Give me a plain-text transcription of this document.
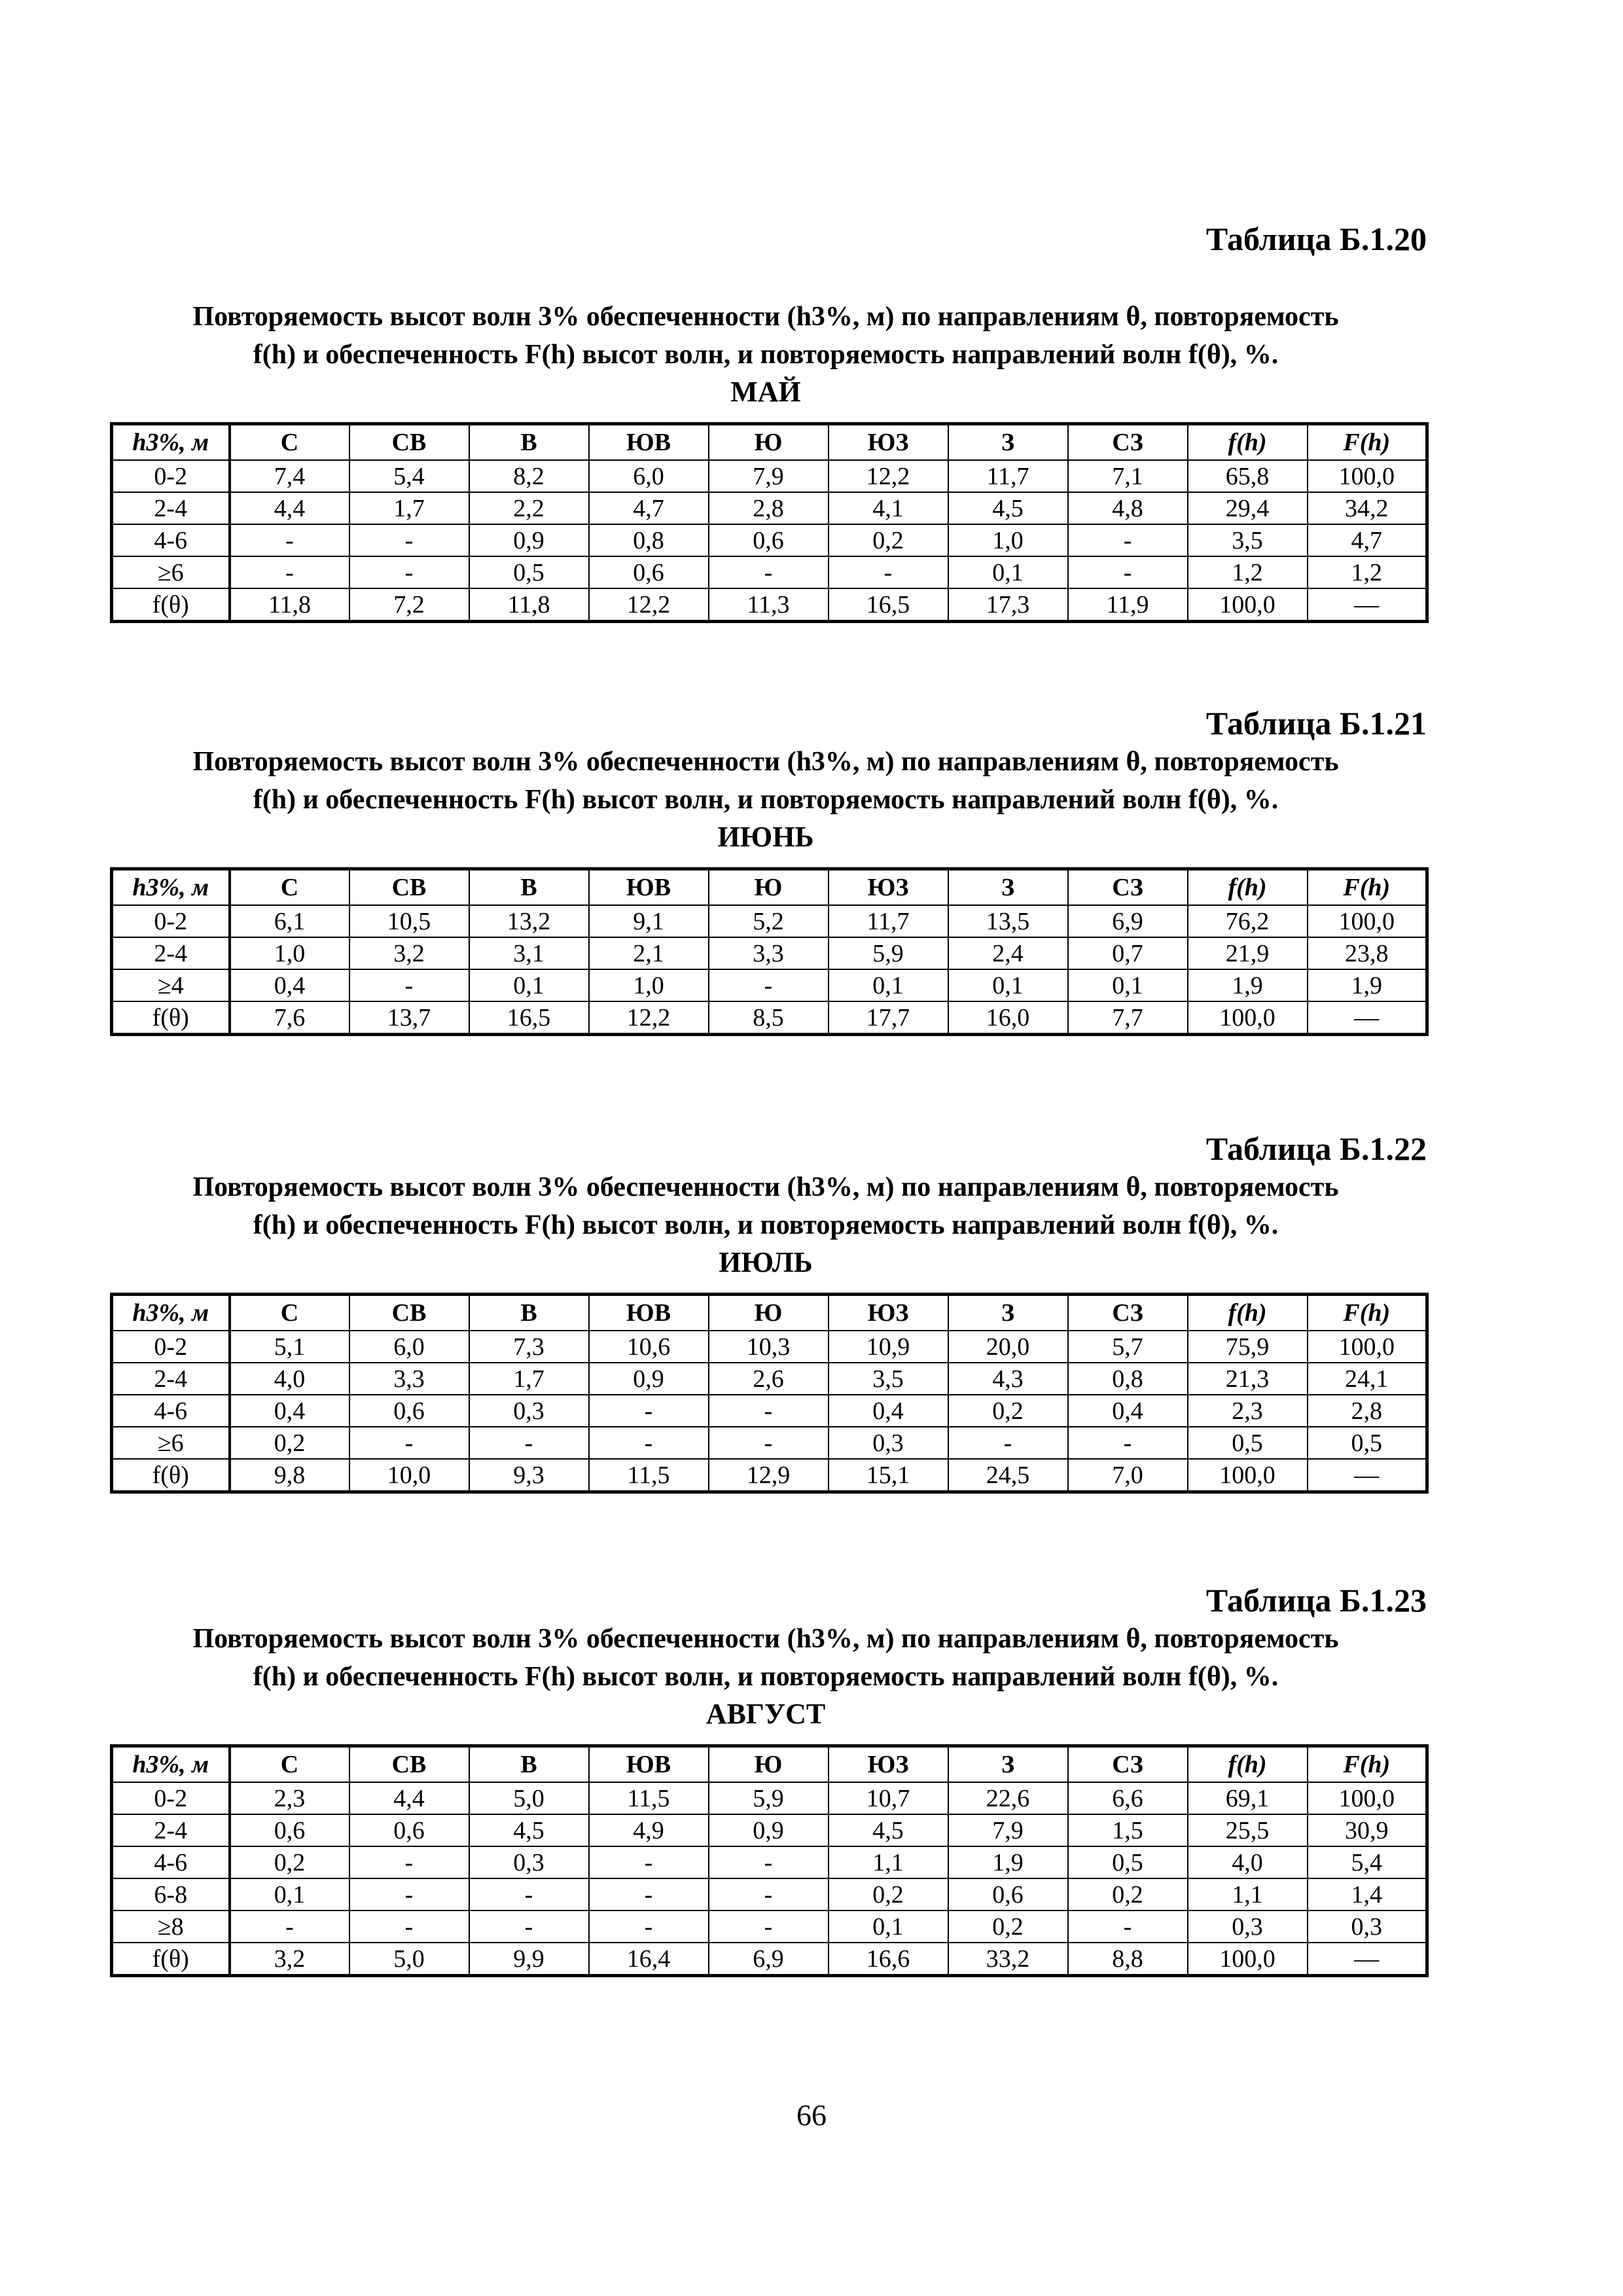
Таблица Б.1.20
Повторяемость высот волн 3% обеспеченности (h3%, м) по направлениям θ, повторяемость
f(h) и обеспеченность F(h) высот волн, и повторяемость направлений волн f(θ), %.
МАЙ
h3%, м	С	СВ	В	ЮВ	Ю	ЮЗ	З	СЗ	f(h)	F(h)
0-2	7,4	5,4	8,2	6,0	7,9	12,2	11,7	7,1	65,8	100,0
2-4	4,4	1,7	2,2	4,7	2,8	4,1	4,5	4,8	29,4	34,2
4-6	-	-	0,9	0,8	0,6	0,2	1,0	-	3,5	4,7
≥6	-	-	0,5	0,6	-	-	0,1	-	1,2	1,2
f(θ)	11,8	7,2	11,8	12,2	11,3	16,5	17,3	11,9	100,0	—
Таблица Б.1.21
Повторяемость высот волн 3% обеспеченности (h3%, м) по направлениям θ, повторяемость
f(h) и обеспеченность F(h) высот волн, и повторяемость направлений волн f(θ), %.
ИЮНЬ
h3%, м	С	СВ	В	ЮВ	Ю	ЮЗ	З	СЗ	f(h)	F(h)
0-2	6,1	10,5	13,2	9,1	5,2	11,7	13,5	6,9	76,2	100,0
2-4	1,0	3,2	3,1	2,1	3,3	5,9	2,4	0,7	21,9	23,8
≥4	0,4	-	0,1	1,0	-	0,1	0,1	0,1	1,9	1,9
f(θ)	7,6	13,7	16,5	12,2	8,5	17,7	16,0	7,7	100,0	—
Таблица Б.1.22
Повторяемость высот волн 3% обеспеченности (h3%, м) по направлениям θ, повторяемость
f(h) и обеспеченность F(h) высот волн, и повторяемость направлений волн f(θ), %.
ИЮЛЬ
h3%, м	С	СВ	В	ЮВ	Ю	ЮЗ	З	СЗ	f(h)	F(h)
0-2	5,1	6,0	7,3	10,6	10,3	10,9	20,0	5,7	75,9	100,0
2-4	4,0	3,3	1,7	0,9	2,6	3,5	4,3	0,8	21,3	24,1
4-6	0,4	0,6	0,3	-	-	0,4	0,2	0,4	2,3	2,8
≥6	0,2	-	-	-	-	0,3	-	-	0,5	0,5
f(θ)	9,8	10,0	9,3	11,5	12,9	15,1	24,5	7,0	100,0	—
Таблица Б.1.23
Повторяемость высот волн 3% обеспеченности (h3%, м) по направлениям θ, повторяемость
f(h) и обеспеченность F(h) высот волн, и повторяемость направлений волн f(θ), %.
АВГУСТ
h3%, м	С	СВ	В	ЮВ	Ю	ЮЗ	З	СЗ	f(h)	F(h)
0-2	2,3	4,4	5,0	11,5	5,9	10,7	22,6	6,6	69,1	100,0
2-4	0,6	0,6	4,5	4,9	0,9	4,5	7,9	1,5	25,5	30,9
4-6	0,2	-	0,3	-	-	1,1	1,9	0,5	4,0	5,4
6-8	0,1	-	-	-	-	0,2	0,6	0,2	1,1	1,4
≥8	-	-	-	-	-	0,1	0,2	-	0,3	0,3
f(θ)	3,2	5,0	9,9	16,4	6,9	16,6	33,2	8,8	100,0	—
66
